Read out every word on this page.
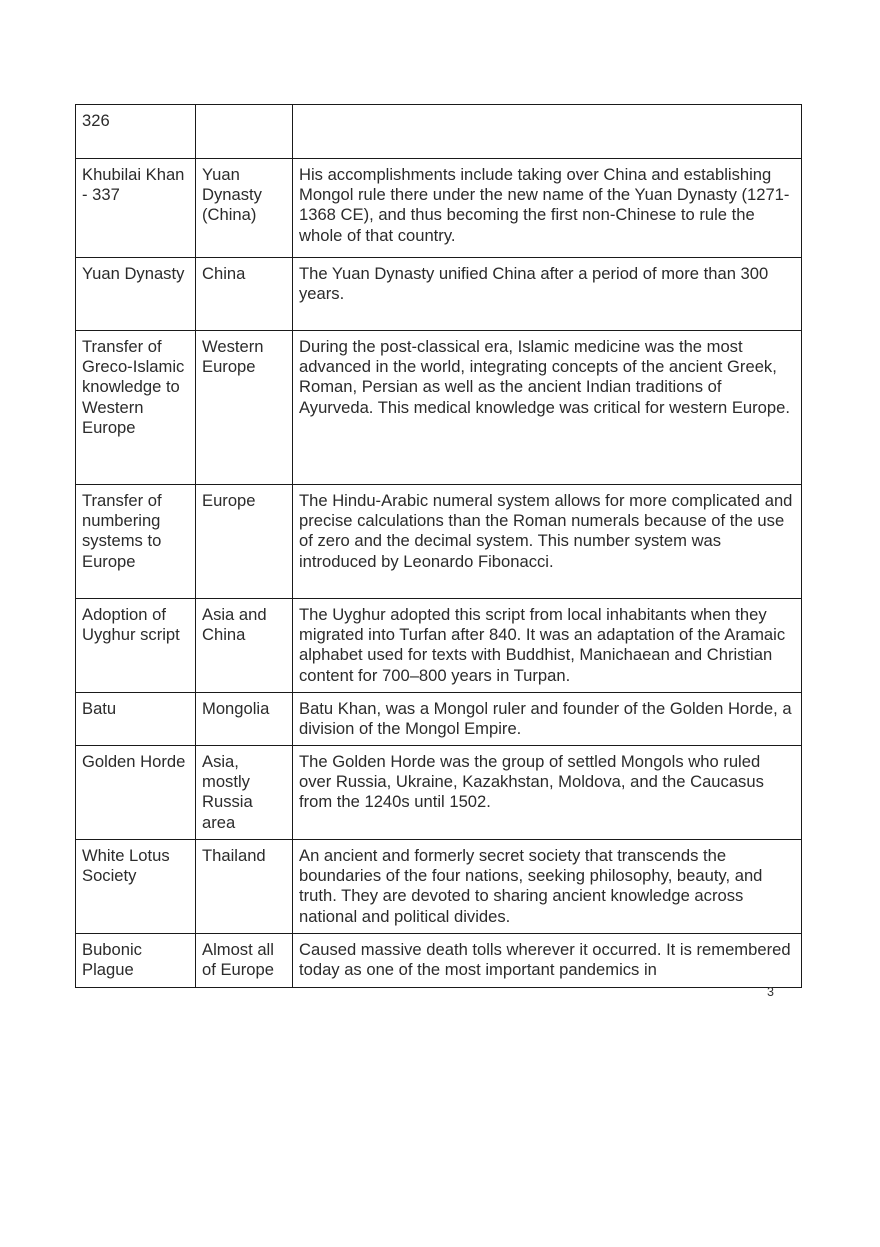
326		
Khubilai Khan - 337	Yuan Dynasty (China)	His accomplishments include taking over China and establishing Mongol rule there under the new name of the Yuan Dynasty (1271-1368 CE), and thus becoming the first non-Chinese to rule the whole of that country.
Yuan Dynasty	China	The Yuan Dynasty unified China after a period of more than 300 years.
Transfer of Greco-Islamic knowledge to Western Europe	Western Europe	During the post-classical era, Islamic medicine was the most advanced in the world, integrating concepts of the ancient Greek, Roman, Persian as well as the ancient Indian traditions of Ayurveda. This medical knowledge was critical for western Europe.
Transfer of numbering systems to Europe	Europe	The Hindu-Arabic numeral system allows for more complicated and precise calculations than the Roman numerals because of the use of zero and the decimal system. This number system was introduced by Leonardo Fibonacci.
Adoption of Uyghur script	Asia and China	The Uyghur adopted this script from local inhabitants when they migrated into Turfan after 840. It was an adaptation of the Aramaic alphabet used for texts with Buddhist, Manichaean and Christian content for 700–800 years in Turpan.
Batu	Mongolia	Batu Khan, was a Mongol ruler and founder of the Golden Horde, a division of the Mongol Empire.
Golden Horde	Asia, mostly Russia area	The Golden Horde was the group of settled Mongols who ruled over Russia, Ukraine, Kazakhstan, Moldova, and the Caucasus from the 1240s until 1502.
White Lotus Society	Thailand	An ancient and formerly secret society that transcends the boundaries of the four nations, seeking philosophy, beauty, and truth. They are devoted to sharing ancient knowledge across national and political divides.
Bubonic Plague	Almost all of Europe	Caused massive death tolls wherever it occurred. It is remembered today as one of the most important pandemics in
3
